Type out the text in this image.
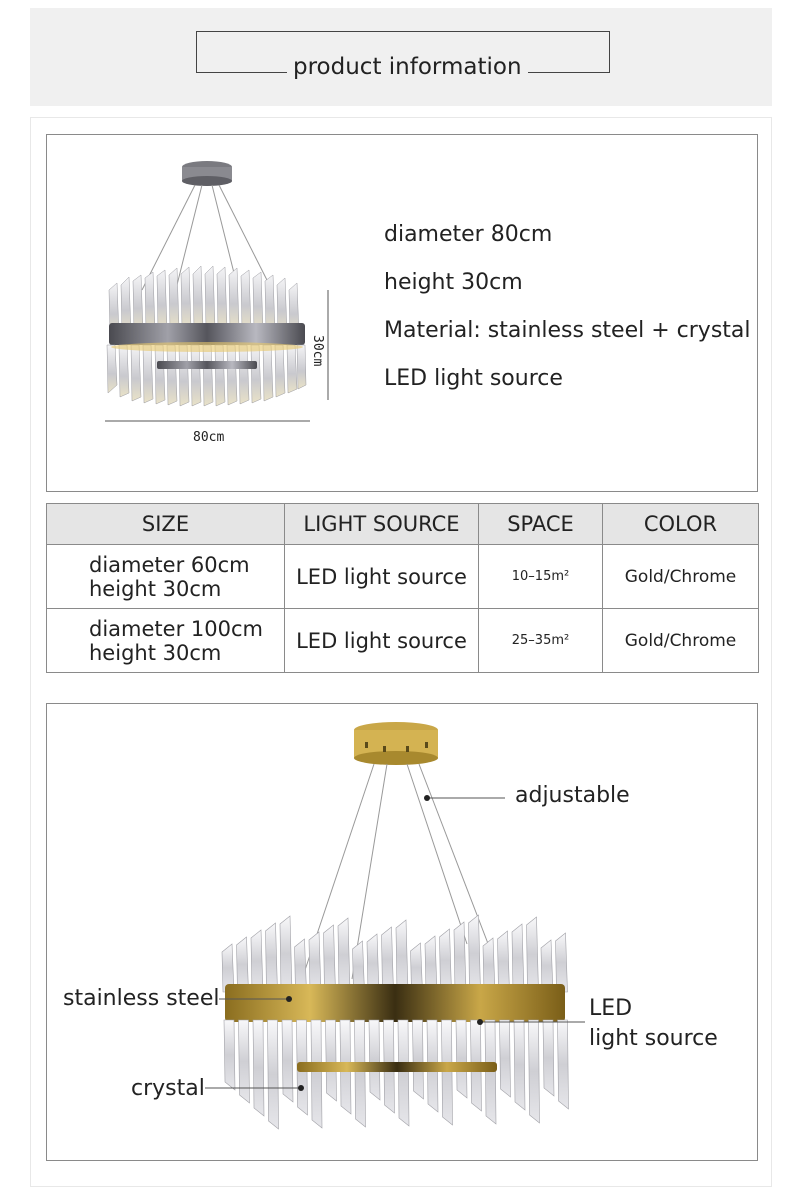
product information
30cm
80cm
diameter 80cm
height 30cm
Material: stainless steel + crystal
LED light source
SIZE	LIGHT SOURCE	SPACE	COLOR

diameter 60cm
height 30cm	LED light source	10–15m²	Gold/Chrome

diameter 100cm
height 30cm	LED light source	25–35m²	Gold/Chrome
adjustable
stainless steel	LED
light source
crystal
